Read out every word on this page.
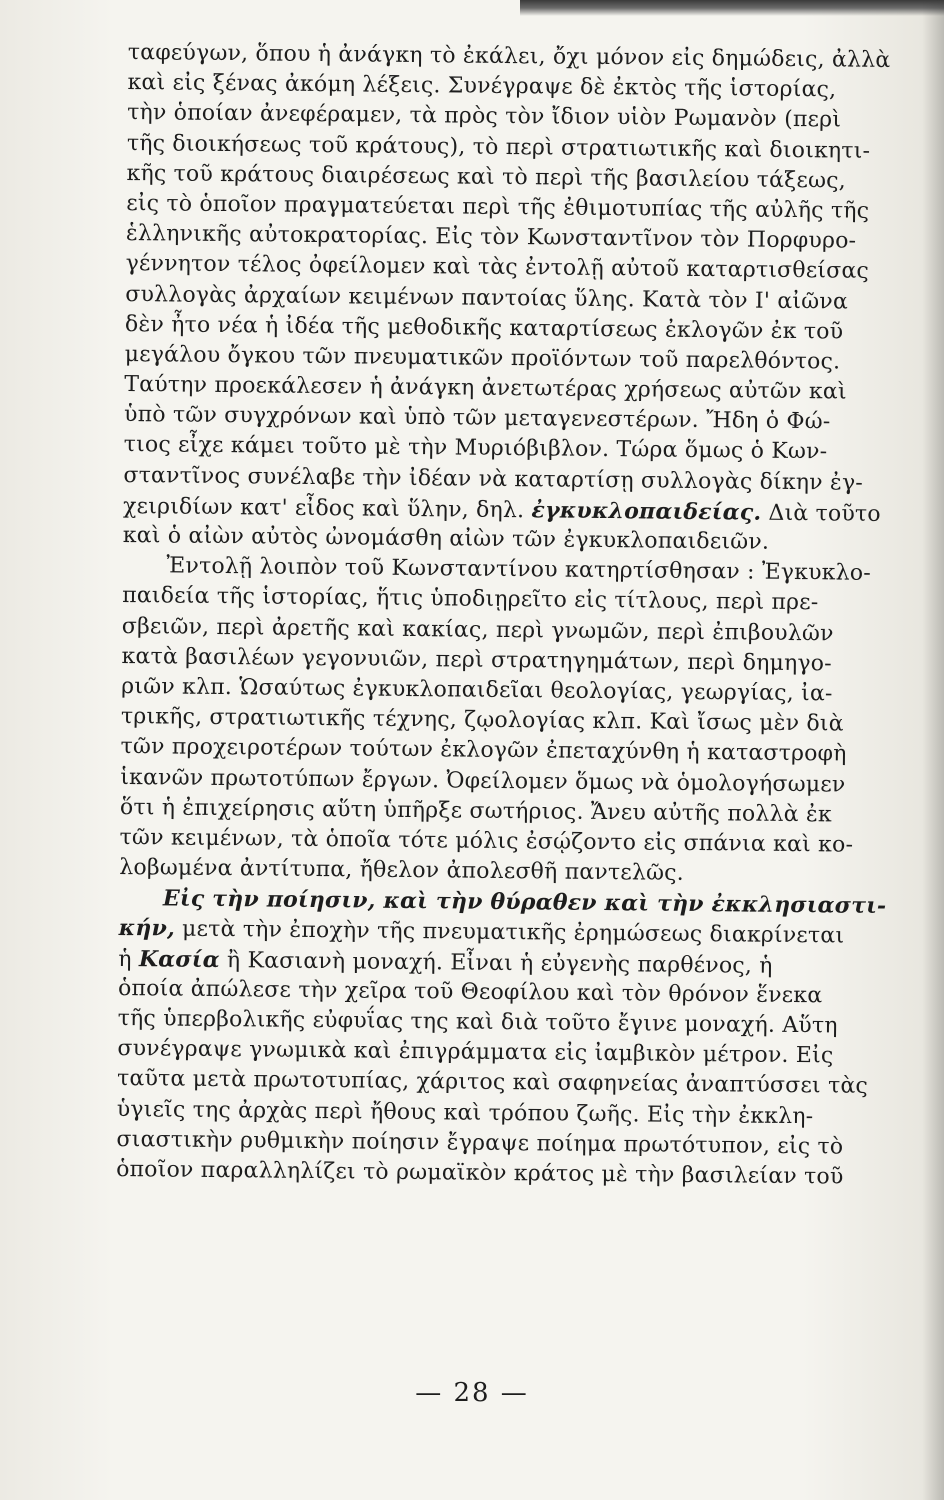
ταφεύγων, ὅπου ἡ ἀνάγκη τὸ ἐκάλει, ὄχι μόνον εἰς δημώδεις, ἀλλὰ
καὶ εἰς ξένας ἀκόμη λέξεις. Συνέγραψε δὲ ἐκτὸς τῆς ἱστορίας,
τὴν ὁποίαν ἀνεφέραμεν, τὰ πρὸς τὸν ἴδιον υἱὸν Ρωμανὸν (περὶ
τῆς διοικήσεως τοῦ κράτους), τὸ περὶ στρατιωτικῆς καὶ διοικητι-
κῆς τοῦ κράτους διαιρέσεως καὶ τὸ περὶ τῆς βασιλείου τάξεως,
εἰς τὸ ὁποῖον πραγματεύεται περὶ τῆς ἐθιμοτυπίας τῆς αὐλῆς τῆς
ἑλληνικῆς αὐτοκρατορίας. Εἰς τὸν Κωνσταντῖνον τὸν Πορφυρο-
γέννητον τέλος ὀφείλομεν καὶ τὰς ἐντολῇ αὐτοῦ καταρτισθείσας
συλλογὰς ἀρχαίων κειμένων παντοίας ὕλης. Κατὰ τὸν Ι' αἰῶνα
δὲν ἦτο νέα ἡ ἰδέα τῆς μεθοδικῆς καταρτίσεως ἐκλογῶν ἐκ τοῦ
μεγάλου ὄγκου τῶν πνευματικῶν προϊόντων τοῦ παρελθόντος.
Ταύτην προεκάλεσεν ἡ ἀνάγκη ἀνετωτέρας χρήσεως αὐτῶν καὶ
ὑπὸ τῶν συγχρόνων καὶ ὑπὸ τῶν μεταγενεστέρων. Ἤδη ὁ Φώ-
τιος εἶχε κάμει τοῦτο μὲ τὴν Μυριόβιβλον. Τώρα ὅμως ὁ Κων-
σταντῖνος συνέλαβε τὴν ἰδέαν νὰ καταρτίσῃ συλλογὰς δίκην ἐγ-
χειριδίων κατ' εἶδος καὶ ὕλην, δηλ. ἐγκυκλοπαιδείας. Διὰ τοῦτο
καὶ ὁ αἰὼν αὐτὸς ὠνομάσθη αἰὼν τῶν ἐγκυκλοπαιδειῶν.
Ἐντολῇ λοιπὸν τοῦ Κωνσταντίνου κατηρτίσθησαν : Ἐγκυκλο-
παιδεία τῆς ἱστορίας, ἥτις ὑποδιῃρεῖτο εἰς τίτλους, περὶ πρε-
σβειῶν, περὶ ἀρετῆς καὶ κακίας, περὶ γνωμῶν, περὶ ἐπιβουλῶν
κατὰ βασιλέων γεγονυιῶν, περὶ στρατηγημάτων, περὶ δημηγο-
ριῶν κλπ. Ὡσαύτως ἐγκυκλοπαιδεῖαι θεολογίας, γεωργίας, ἰα-
τρικῆς, στρατιωτικῆς τέχνης, ζῳολογίας κλπ. Καὶ ἴσως μὲν διὰ
τῶν προχειροτέρων τούτων ἐκλογῶν ἐπεταχύνθη ἡ καταστροφὴ
ἱκανῶν πρωτοτύπων ἔργων. Ὀφείλομεν ὅμως νὰ ὁμολογήσωμεν
ὅτι ἡ ἐπιχείρησις αὕτη ὑπῆρξε σωτήριος. Ἄνευ αὐτῆς πολλὰ ἐκ
τῶν κειμένων, τὰ ὁποῖα τότε μόλις ἐσῴζοντο εἰς σπάνια καὶ κο-
λοβωμένα ἀντίτυπα, ἤθελον ἀπολεσθῆ παντελῶς.
Εἰς τὴν ποίησιν, καὶ τὴν θύραθεν καὶ τὴν ἐκκλησιαστι-
κήν, μετὰ τὴν ἐποχὴν τῆς πνευματικῆς ἐρημώσεως διακρίνεται
ἡ Κασία ἢ Κασιανὴ μοναχή. Εἶναι ἡ εὐγενὴς παρθένος, ἡ
ὁποία ἀπώλεσε τὴν χεῖρα τοῦ Θεοφίλου καὶ τὸν θρόνον ἕνεκα
τῆς ὑπερβολικῆς εὐφυΐας της καὶ διὰ τοῦτο ἔγινε μοναχή. Αὕτη
συνέγραψε γνωμικὰ καὶ ἐπιγράμματα εἰς ἰαμβικὸν μέτρον. Εἰς
ταῦτα μετὰ πρωτοτυπίας, χάριτος καὶ σαφηνείας ἀναπτύσσει τὰς
ὑγιεῖς της ἀρχὰς περὶ ἤθους καὶ τρόπου ζωῆς. Εἰς τὴν ἐκκλη-
σιαστικὴν ρυθμικὴν ποίησιν ἔγραψε ποίημα πρωτότυπον, εἰς τὸ
ὁποῖον παραλληλίζει τὸ ρωμαϊκὸν κράτος μὲ τὴν βασιλείαν τοῦ
— 28 —
